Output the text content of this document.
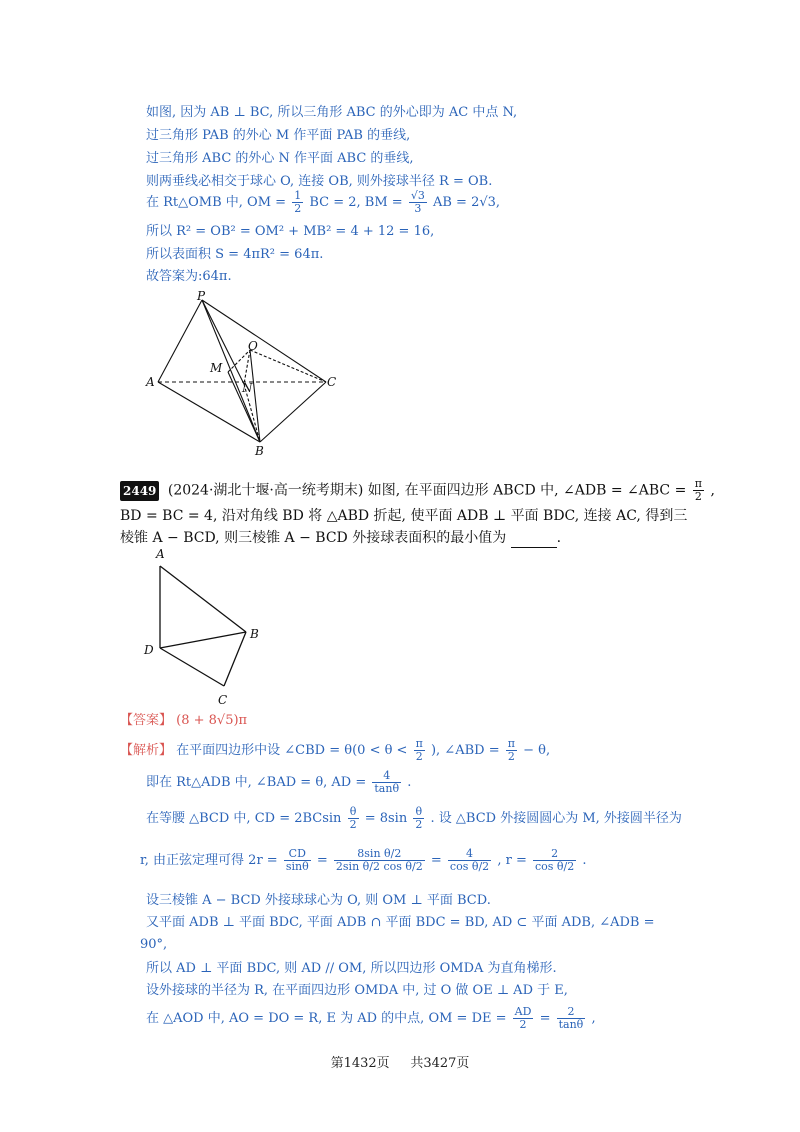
如图, 因为 AB ⊥ BC, 所以三角形 ABC 的外心即为 AC 中点 N,
过三角形 PAB 的外心 M 作平面 PAB 的垂线,
过三角形 ABC 的外心 N 作平面 ABC 的垂线,
则两垂线必相交于球心 O, 连接 OB, 则外接球半径 R = OB.
在 Rt△OMB 中, OM = $\frac{1}{2}$ BC = 2, BM = $\frac{√3}{3}$ AB = 2√3,
所以 R² = OB² = OM² + MB² = 4 + 12 = 16,
所以表面积 S = 4πR² = 64π.
故答案为:64π.
P
O
M
A	N	C
B
2449 (2024·湖北十堰·高一统考期末) 如图, 在平面四边形 ABCD 中, ∠ADB = ∠ABC = $\frac{\pi}{2}$ ,
BD = BC = 4, 沿对角线 BD 将 △ABD 折起, 使平面 ADB ⊥ 平面 BDC, 连接 AC, 得到三
棱锥 A − BCD, 则三棱锥 A − BCD 外接球表面积的最小值为	.
A
D
B
C
【答案】 (8 + 8√5)π
【解析】 在平面四边形中设 ∠CBD = $\theta(0 < \theta < \frac{\pi}{2}$ ), ∠ABD = $\frac{\pi}{2} - \theta$,
即在 Rt△ADB 中, ∠BAD = θ, AD = $\frac{4}{\tan\theta}$ .
在等腰 △BCD 中, CD = $2BCsin \frac{\theta}{2} = 8\sin \frac{\theta}{2}$ . 设 △BCD 外接圆圆心为 M, 外接圆半径为
r, 由正弦定理可得 $2r = \frac{CD}{\sin\theta} = \frac{\text{8sin θ/2}}{\text{2sin θ/2 cos θ/2}} = \frac{4}{\text{cos θ/2}}$ , $r = \frac{2}{\text{cos θ/2}}$ .
设三棱锥 A − BCD 外接球球心为 O, 则 OM ⊥ 平面 BCD.
又平面 ADB ⊥ 平面 BDC, 平面 ADB ∩ 平面 BDC = BD, AD ⊂ 平面 ADB, ∠ADB =
90°,
所以 AD ⊥ 平面 BDC, 则 AD // OM, 所以四边形 OMDA 为直角梯形.
设外接球的半径为 R, 在平面四边形 OMDA 中, 过 O 做 OE ⊥ AD 于 E,
在 △AOD 中, AO = DO = R, E 为 AD 的中点, OM = DE = $\frac{AD}{2} = \frac{2}{\tan\theta}$ ,
第1432页 共3427页
